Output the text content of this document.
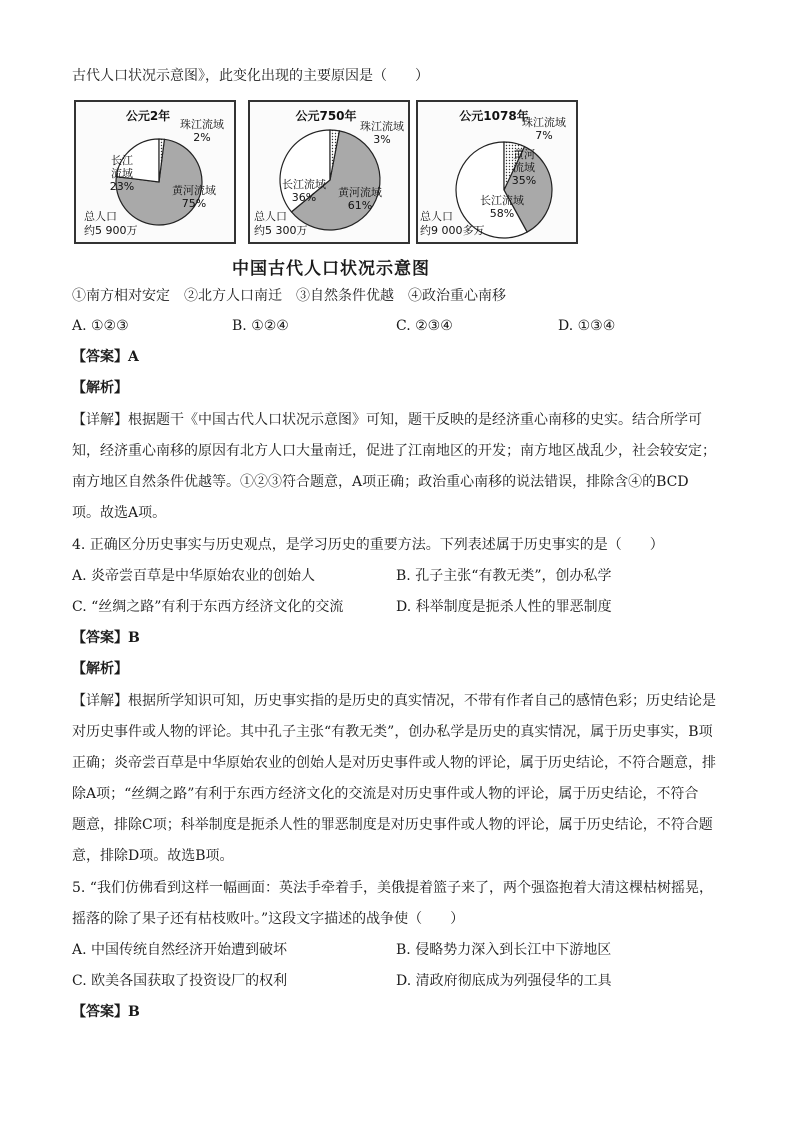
古代人口状况示意图》，此变化出现的主要原因是（　　）
公元2年
黄河流域
75%
长江
流域
23%
珠江流域
2%
总人口
约5 900万
公元750年
黄河流域
61%
长江流域
36%
珠江流域
3%
总人口
约5 300万
公元1078年
黄河
流域
35%
长江流域
58%
珠江流域
7%
总人口
约9 000多万
中国古代人口状况示意图
①南方相对安定　②北方人口南迁　③自然条件优越　④政治重心南移
A. ①②③	B. ①②④	C. ②③④	D. ①③④
【答案】A
【解析】
【详解】根据题干《中国古代人口状况示意图》可知，题干反映的是经济重心南移的史实。结合所学可
知，经济重心南移的原因有北方人口大量南迁，促进了江南地区的开发；南方地区战乱少，社会较安定；
南方地区自然条件优越等。①②③符合题意，A项正确；政治重心南移的说法错误，排除含④的BCD
项。故选A项。
4. 正确区分历史事实与历史观点，是学习历史的重要方法。下列表述属于历史事实的是（　　）
A. 炎帝尝百草是中华原始农业的创始人	B. 孔子主张“有教无类”，创办私学
C. “丝绸之路”有利于东西方经济文化的交流	D. 科举制度是扼杀人性的罪恶制度
【答案】B
【解析】
【详解】根据所学知识可知，历史事实指的是历史的真实情况，不带有作者自己的感情色彩；历史结论是
对历史事件或人物的评论。其中孔子主张“有教无类”，创办私学是历史的真实情况，属于历史事实，B项
正确；炎帝尝百草是中华原始农业的创始人是对历史事件或人物的评论，属于历史结论，不符合题意，排
除A项；“丝绸之路”有利于东西方经济文化的交流是对历史事件或人物的评论，属于历史结论，不符合
题意，排除C项；科举制度是扼杀人性的罪恶制度是对历史事件或人物的评论，属于历史结论，不符合题
意，排除D项。故选B项。
5. “我们仿佛看到这样一幅画面：英法手牵着手，美俄提着篮子来了，两个强盗抱着大清这棵枯树摇晃，
摇落的除了果子还有枯枝败叶。”这段文字描述的战争使（　　）
A. 中国传统自然经济开始遭到破坏	B. 侵略势力深入到长江中下游地区
C. 欧美各国获取了投资设厂的权利	D. 清政府彻底成为列强侵华的工具
【答案】B
